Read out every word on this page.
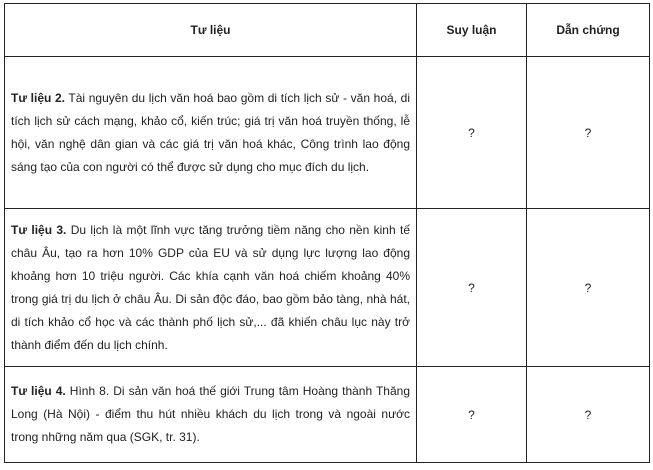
Tư liệu	Suy luận	Dẫn chứng
Tư liệu 2. Tài nguyên du lịch văn hoá bao gồm di tích lịch sử - văn hoá, di tích lịch sử cách mạng, khảo cổ, kiến trúc; giá trị văn hoá truyền thống, lễ hội, văn nghệ dân gian và các giá trị văn hoá khác, Công trình lao động sáng tạo của con người có thể được sử dụng cho mục đích du lịch.	?	?
Tư liệu 3. Du lịch là một lĩnh vực tăng trưởng tiềm năng cho nền kinh tế châu Âu, tạo ra hơn 10% GDP của EU và sử dụng lực lượng lao động khoảng hơn 10 triệu người. Các khía cạnh văn hoá chiếm khoảng 40% trong giá trị du lịch ở châu Âu. Di sản độc đáo, bao gồm bảo tàng, nhà hát, di tích khảo cổ học và các thành phố lịch sử,... đã khiến châu lục này trở thành điểm đến du lịch chính.	?	?
Tư liệu 4. Hình 8. Di sản văn hoá thế giới Trung tâm Hoàng thành Thăng Long (Hà Nội) - điểm thu hút nhiều khách du lịch trong và ngoài nước trong những năm qua (SGK, tr. 31).	?	?
